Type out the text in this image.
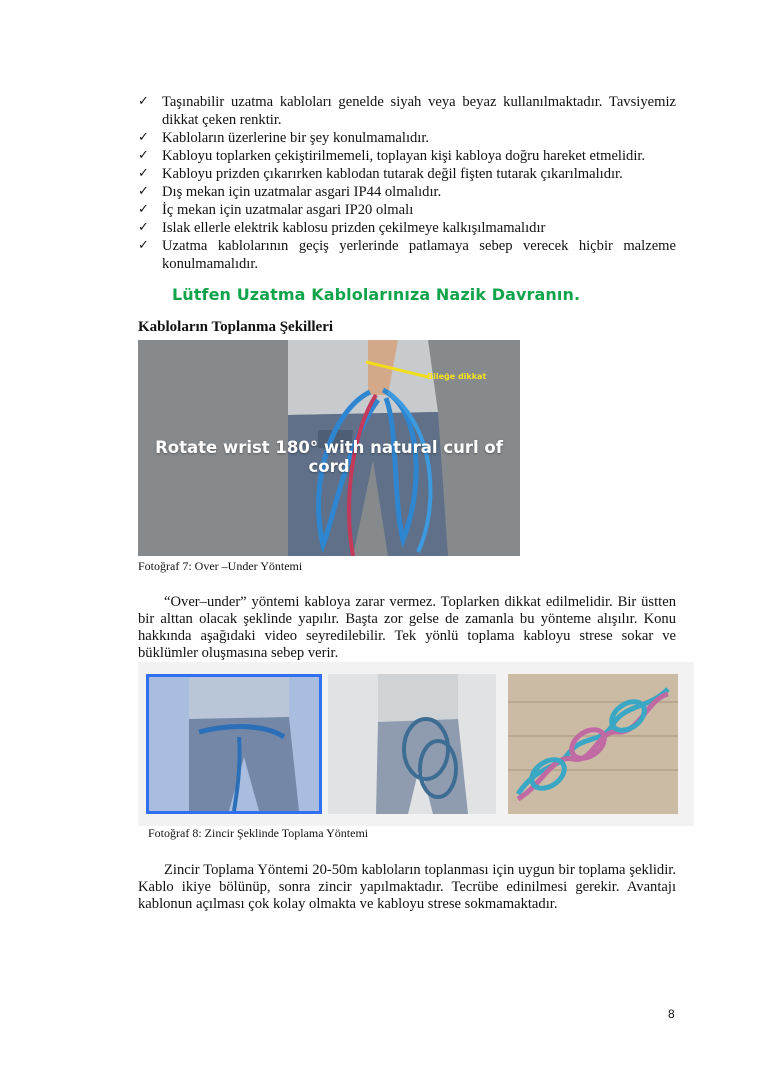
✓ Taşınabilir uzatma kabloları genelde siyah veya beyaz kullanılmaktadır. Tavsiyemiz dikkat çeken renktir.
✓ Kabloların üzerlerine bir şey konulmamalıdır.
✓ Kabloyu toplarken çekiştirilmemeli, toplayan kişi kabloya doğru hareket etmelidir.
✓ Kabloyu prizden çıkarırken kablodan tutarak değil fişten tutarak çıkarılmalıdır.
✓ Dış mekan için uzatmalar asgari IP44 olmalıdır.
✓ İç mekan için uzatmalar asgari IP20 olmalı
✓ Islak ellerle elektrik kablosu prizden çekilmeye kalkışılmamalıdır
✓ Uzatma kablolarının geçiş yerlerinde patlamaya sebep verecek hiçbir malzeme konulmamalıdır.
Lütfen Uzatma Kablolarınıza Nazik Davranın.
Kabloların Toplanma Şekilleri
Bileğe dikkat
Rotate wrist 180° with natural curl of cord
Fotoğraf 7: Over –Under Yöntemi

“Over–under” yöntemi kabloya zarar vermez. Toplarken dikkat edilmelidir. Bir üstten bir alttan olacak şeklinde yapılır. Başta zor gelse de zamanla bu yönteme alışılır. Konu hakkında aşağıdaki video seyredilebilir. Tek yönlü toplama kabloyu strese sokar ve büklümler oluşmasına sebep verir.

Fotoğraf 8: Zincir Şeklinde Toplama Yöntemi

Zincir Toplama Yöntemi 20-50m kabloların toplanması için uygun bir toplama şeklidir. Kablo ikiye bölünüp, sonra zincir yapılmaktadır. Tecrübe edinilmesi gerekir. Avantajı kablonun açılması çok kolay olmakta ve kabloyu strese sokmamaktadır.

8
